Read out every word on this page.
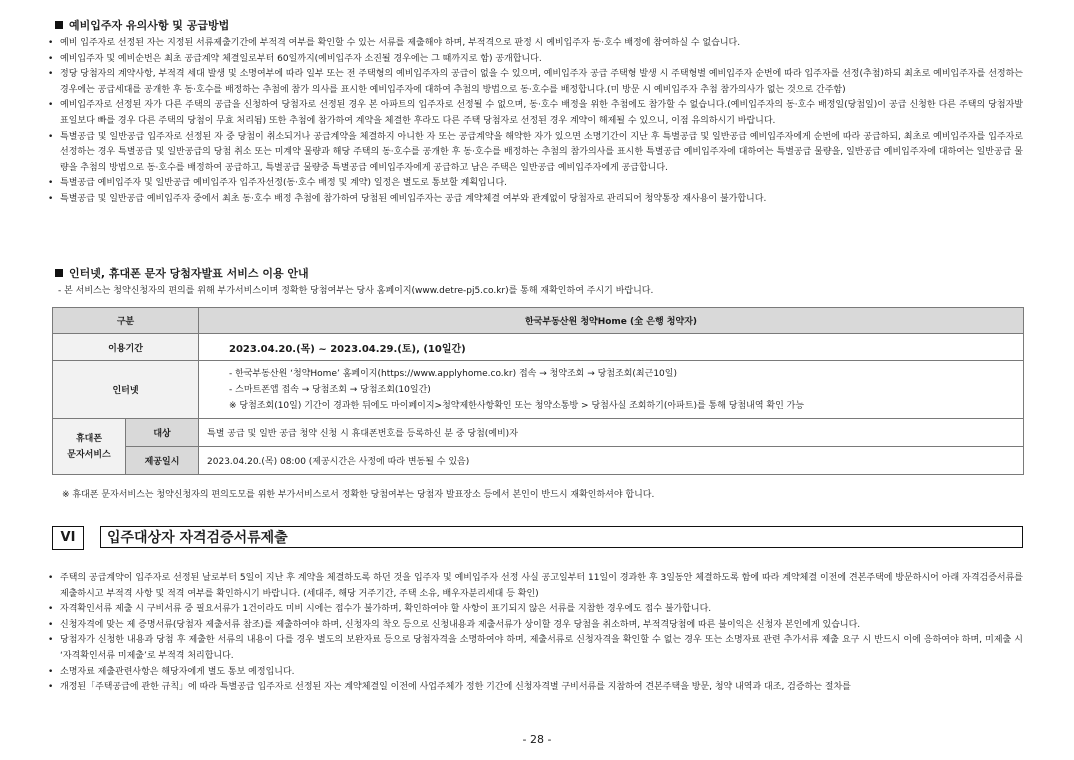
예비입주자 유의사항 및 공급방법
• 예비 입주자로 선정된 자는 지정된 서류제출기간에 부적격 여부를 확인할 수 있는 서류를 제출해야 하며, 부적격으로 판정 시 예비입주자 동·호수 배정에 참여하실 수 없습니다.
• 예비입주자 및 예비순번은 최초 공급계약 체결일로부터 60일까지(예비입주자 소진될 경우에는 그 때까지로 함) 공개합니다.
• 정당 당첨자의 계약사항, 부적격 세대 발생 및 소명여부에 따라 일부 또는 전 주택형의 예비입주자의 공급이 없을 수 있으며, 예비입주자 공급 주택형 발생 시 주택형별 예비입주자 순번에 따라 입주자를 선정(추첨)하되 최초로 예비입주자를 선정하는 경우에는 공급세대를 공개한 후 동·호수를 배정하는 추첨에 참가 의사를 표시한 예비입주자에 대하여 추첨의 방법으로 동·호수를 배정합니다.(미 방문 시 예비입주자 추첨 참가의사가 없는 것으로 간주함)
• 예비입주자로 선정된 자가 다른 주택의 공급을 신청하여 당첨자로 선정된 경우 본 아파트의 입주자로 선정될 수 없으며, 동·호수 배정을 위한 추첨에도 참가할 수 없습니다.(예비입주자의 동·호수 배정일(당첨일)이 공급 신청한 다른 주택의 당첨자발표일보다 빠를 경우 다른 주택의 당첨이 무효 처리됨) 또한 추첨에 참가하여 계약을 체결한 후라도 다른 주택 당첨자로 선정된 경우 계약이 해제될 수 있으니, 이점 유의하시기 바랍니다.
• 특별공급 및 일반공급 입주자로 선정된 자 중 당첨이 취소되거나 공급계약을 체결하지 아니한 자 또는 공급계약을 해약한 자가 있으면 소명기간이 지난 후 특별공급 및 일반공급 예비입주자에게 순번에 따라 공급하되, 최초로 예비입주자를 입주자로 선정하는 경우 특별공급 및 일반공급의 당첨 취소 또는 미계약 물량과 해당 주택의 동·호수를 공개한 후 동·호수를 배정하는 추첨의 참가의사를 표시한 특별공급 예비입주자에 대하여는 특별공급 물량을, 일반공급 예비입주자에 대하여는 일반공급 물량을 추첨의 방법으로 동·호수를 배정하여 공급하고, 특별공급 물량중 특별공급 예비입주자에게 공급하고 남은 주택은 일반공급 예비입주자에게 공급합니다.
• 특별공급 예비입주자 및 일반공급 예비입주자 입주자선정(동·호수 배정 및 계약) 일정은 별도로 통보할 계획입니다.
• 특별공급 및 일반공급 예비입주자 중에서 최초 동·호수 배정 추첨에 참가하여 당첨된 예비입주자는 공급 계약체결 여부와 관계없이 당첨자로 관리되어 청약통장 재사용이 불가합니다.
인터넷, 휴대폰 문자 당첨자발표 서비스 이용 안내
- 본 서비스는 청약신청자의 편의를 위해 부가서비스이며 정확한 당첨여부는 당사 홈페이지(www.detre-pj5.co.kr)를 통해 재확인하여 주시기 바랍니다.
구분		한국부동산원 청약Home (全 은행 청약자)
이용기간		2023.04.20.(목) ~ 2023.04.29.(토), (10일간)
인터넷		- 한국부동산원 ‘청약Home’ 홈페이지(https://www.applyhome.co.kr) 접속 → 청약조회 → 당첨조회(최근10일)
- 스마트폰앱 접속 → 당첨조회 → 당첨조회(10일간)
※ 당첨조회(10일) 기간이 경과한 뒤에도 마이페이지>청약제한사항확인 또는 청약소통방 > 당첨사실 조회하기(아파트)를 통해 당첨내역 확인 가능

휴대폰
문자서비스	대상	특별 공급 및 일반 공급 청약 신청 시 휴대폰번호를 등록하신 분 중 당첨(예비)자
	제공일시	2023.04.20.(목) 08:00 (제공시간은 사정에 따라 변동될 수 있음)
※ 휴대폰 문자서비스는 청약신청자의 편의도모를 위한 부가서비스로서 정확한 당첨여부는 당첨자 발표장소 등에서 본인이 반드시 재확인하셔야 합니다.
VI	입주대상자 자격검증서류제출
• 주택의 공급계약이 입주자로 선정된 날로부터 5일이 지난 후 계약을 체결하도록 하던 것을 입주자 및 예비입주자 선정 사실 공고일부터 11일이 경과한 후 3일동안 체결하도록 함에 따라 계약체결 이전에 견본주택에 방문하시어 아래 자격검증서류를 제출하시고 부적격 사항 및 적격 여부를 확인하시기 바랍니다. (세대주, 해당 거주기간, 주택 소유, 배우자분리세대 등 확인)
• 자격확인서류 제출 시 구비서류 중 필요서류가 1건이라도 미비 시에는 접수가 불가하며, 확인하여야 할 사항이 표기되지 않은 서류를 지참한 경우에도 접수 불가합니다.
• 신청자격에 맞는 제 증명서류(당첨자 제출서류 참조)를 제출하여야 하며, 신청자의 착오 등으로 신청내용과 제출서류가 상이할 경우 당첨을 취소하며, 부적격당첨에 따른 불이익은 신청자 본인에게 있습니다.
• 당첨자가 신청한 내용과 당첨 후 제출한 서류의 내용이 다를 경우 별도의 보완자료 등으로 당첨자격을 소명하여야 하며, 제출서류로 신청자격을 확인할 수 없는 경우 또는 소명자료 관련 추가서류 제출 요구 시 반드시 이에 응하여야 하며, 미제출 시 ‘자격확인서류 미제출’로 부적격 처리합니다.
• 소명자료 제출관련사항은 해당자에게 별도 통보 예정입니다.
• 개정된「주택공급에 관한 규칙」에 따라 특별공급 입주자로 선정된 자는 계약체결일 이전에 사업주체가 정한 기간에 신청자격별 구비서류를 지참하여 견본주택을 방문, 청약 내역과 대조, 검증하는 절차를
- 28 -
